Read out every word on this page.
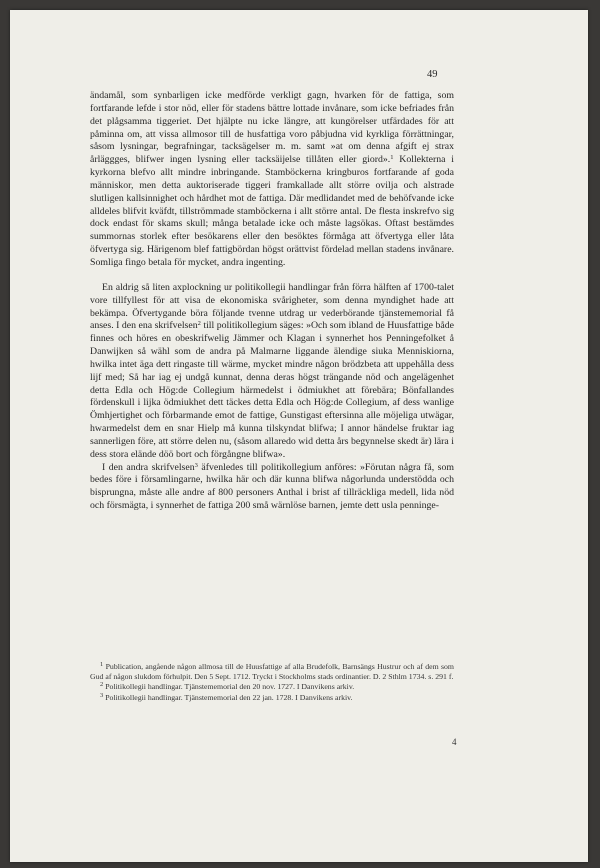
49

ändamål, som synbarligen icke medförde verkligt gagn, hvarken för de fattiga, som fortfarande lefde i stor nöd, eller för stadens bättre lottade invånare, som icke befriades från det plågsamma tiggeriet. Det hjälpte nu icke längre, att kungörelser utfärdades för att påminna om, att vissa allmosor till de husfattiga voro påbjudna vid kyrkliga förrättningar, såsom lysningar, begrafningar, tacksägelser m. m. samt »at om denna afgift ej strax årläggges, blifwer ingen lysning eller tacksäijelse tillåten eller giord».$^1$ Kollekterna i kyrkorna blefvo allt mindre inbringande. Stamböckerna kringburos fortfarande af goda människor, men detta auktoriserade tiggeri framkallade allt större ovilja och alstrade slutligen kallsinnighet och hårdhet mot de fattiga. Där medlidandet med de behöfvande icke alldeles blifvit kväfdt, tillströmmade stamböckerna i allt större antal. De flesta inskrefvo sig dock endast för skams skull; många betalade icke och måste lagsökas. Oftast bestämdes summornas storlek efter besökarens eller den besöktes förmåga att öfvertyga eller låta öfvertyga sig. Härigenom blef fattigbördan högst orättvist fördelad mellan stadens invånare. Somliga fingo betala för mycket, andra ingenting.

En aldrig så liten axplockning ur politikollegii handlingar från förra hälften af 1700-talet vore tillfyllest för att visa de ekonomiska svårigheter, som denna myndighet hade att bekämpa. Öfvertygande böra följande tvenne utdrag ur vederbörande tjänstememorial få anses. I den ena skrifvelsen$^2$ till politikollegium säges: »Och som ibland de Huusfattige både finnes och höres en obeskrifwelig Jämmer och Klagan i synnerhet hos Penningefolket å Danwijken så wähl som de andra på Malmarne liggande älendige siuka Menniskiorna, hwilka intet äga dett ringaste till wärme, mycket mindre någon brödzbeta att uppehålla dess lijf med; Så har iag ej undgå kunnat, denna deras högst trängande nöd och angelägenhet detta Edla och Hög:de Collegium härmedelst i ödmiukhet att förebära; Bönfallandes fördenskull i lijka ödmiukhet dett täckes detta Edla och Hög:de Collegium, af dess wanlige Ömhjertighet och förbarmande emot de fattige, Gunstigast eftersinna alle möjeliga utwägar, hwarmedelst dem en snar Hielp må kunna tilskyndat blifwa; I annor händelse fruktar iag sannerligen före, att större delen nu, (såsom allaredo wid detta års begynnelse skedt är) lära i dess stora elände döö bort och förgångne blifwa».

I den andra skrifvelsen$^3$ äfvenledes till politikollegium anföres: »Förutan några få, som bedes före i församlingarne, hwilka här och där kunna blifwa någorlunda understödda och bisprungna, måste alle andre af 800 personers Anthal i brist af tillräckliga medell, lida nöd och försmägta, i synnerhet de fattiga 200 små wärnlöse barnen, jemte dett usla penninge-

$^1$ Publication, angående någon allmosa till de Huusfattige af alla Brudefolk, Barnsängs Hustrur och af dem som Gud af någon slukdom förhulpit. Den 5 Sept. 1712. Tryckt i Stockholms stads ordinantier. D. 2 Sthlm 1734. s. 291 f.

$^2$ Politikollegii handlingar. Tjänstememorial den 20 nov. 1727. I Danvikens arkiv.

$^3$ Politikollegii handlingar. Tjänstememorial den 22 jan. 1728. I Danvikens arkiv.

4
